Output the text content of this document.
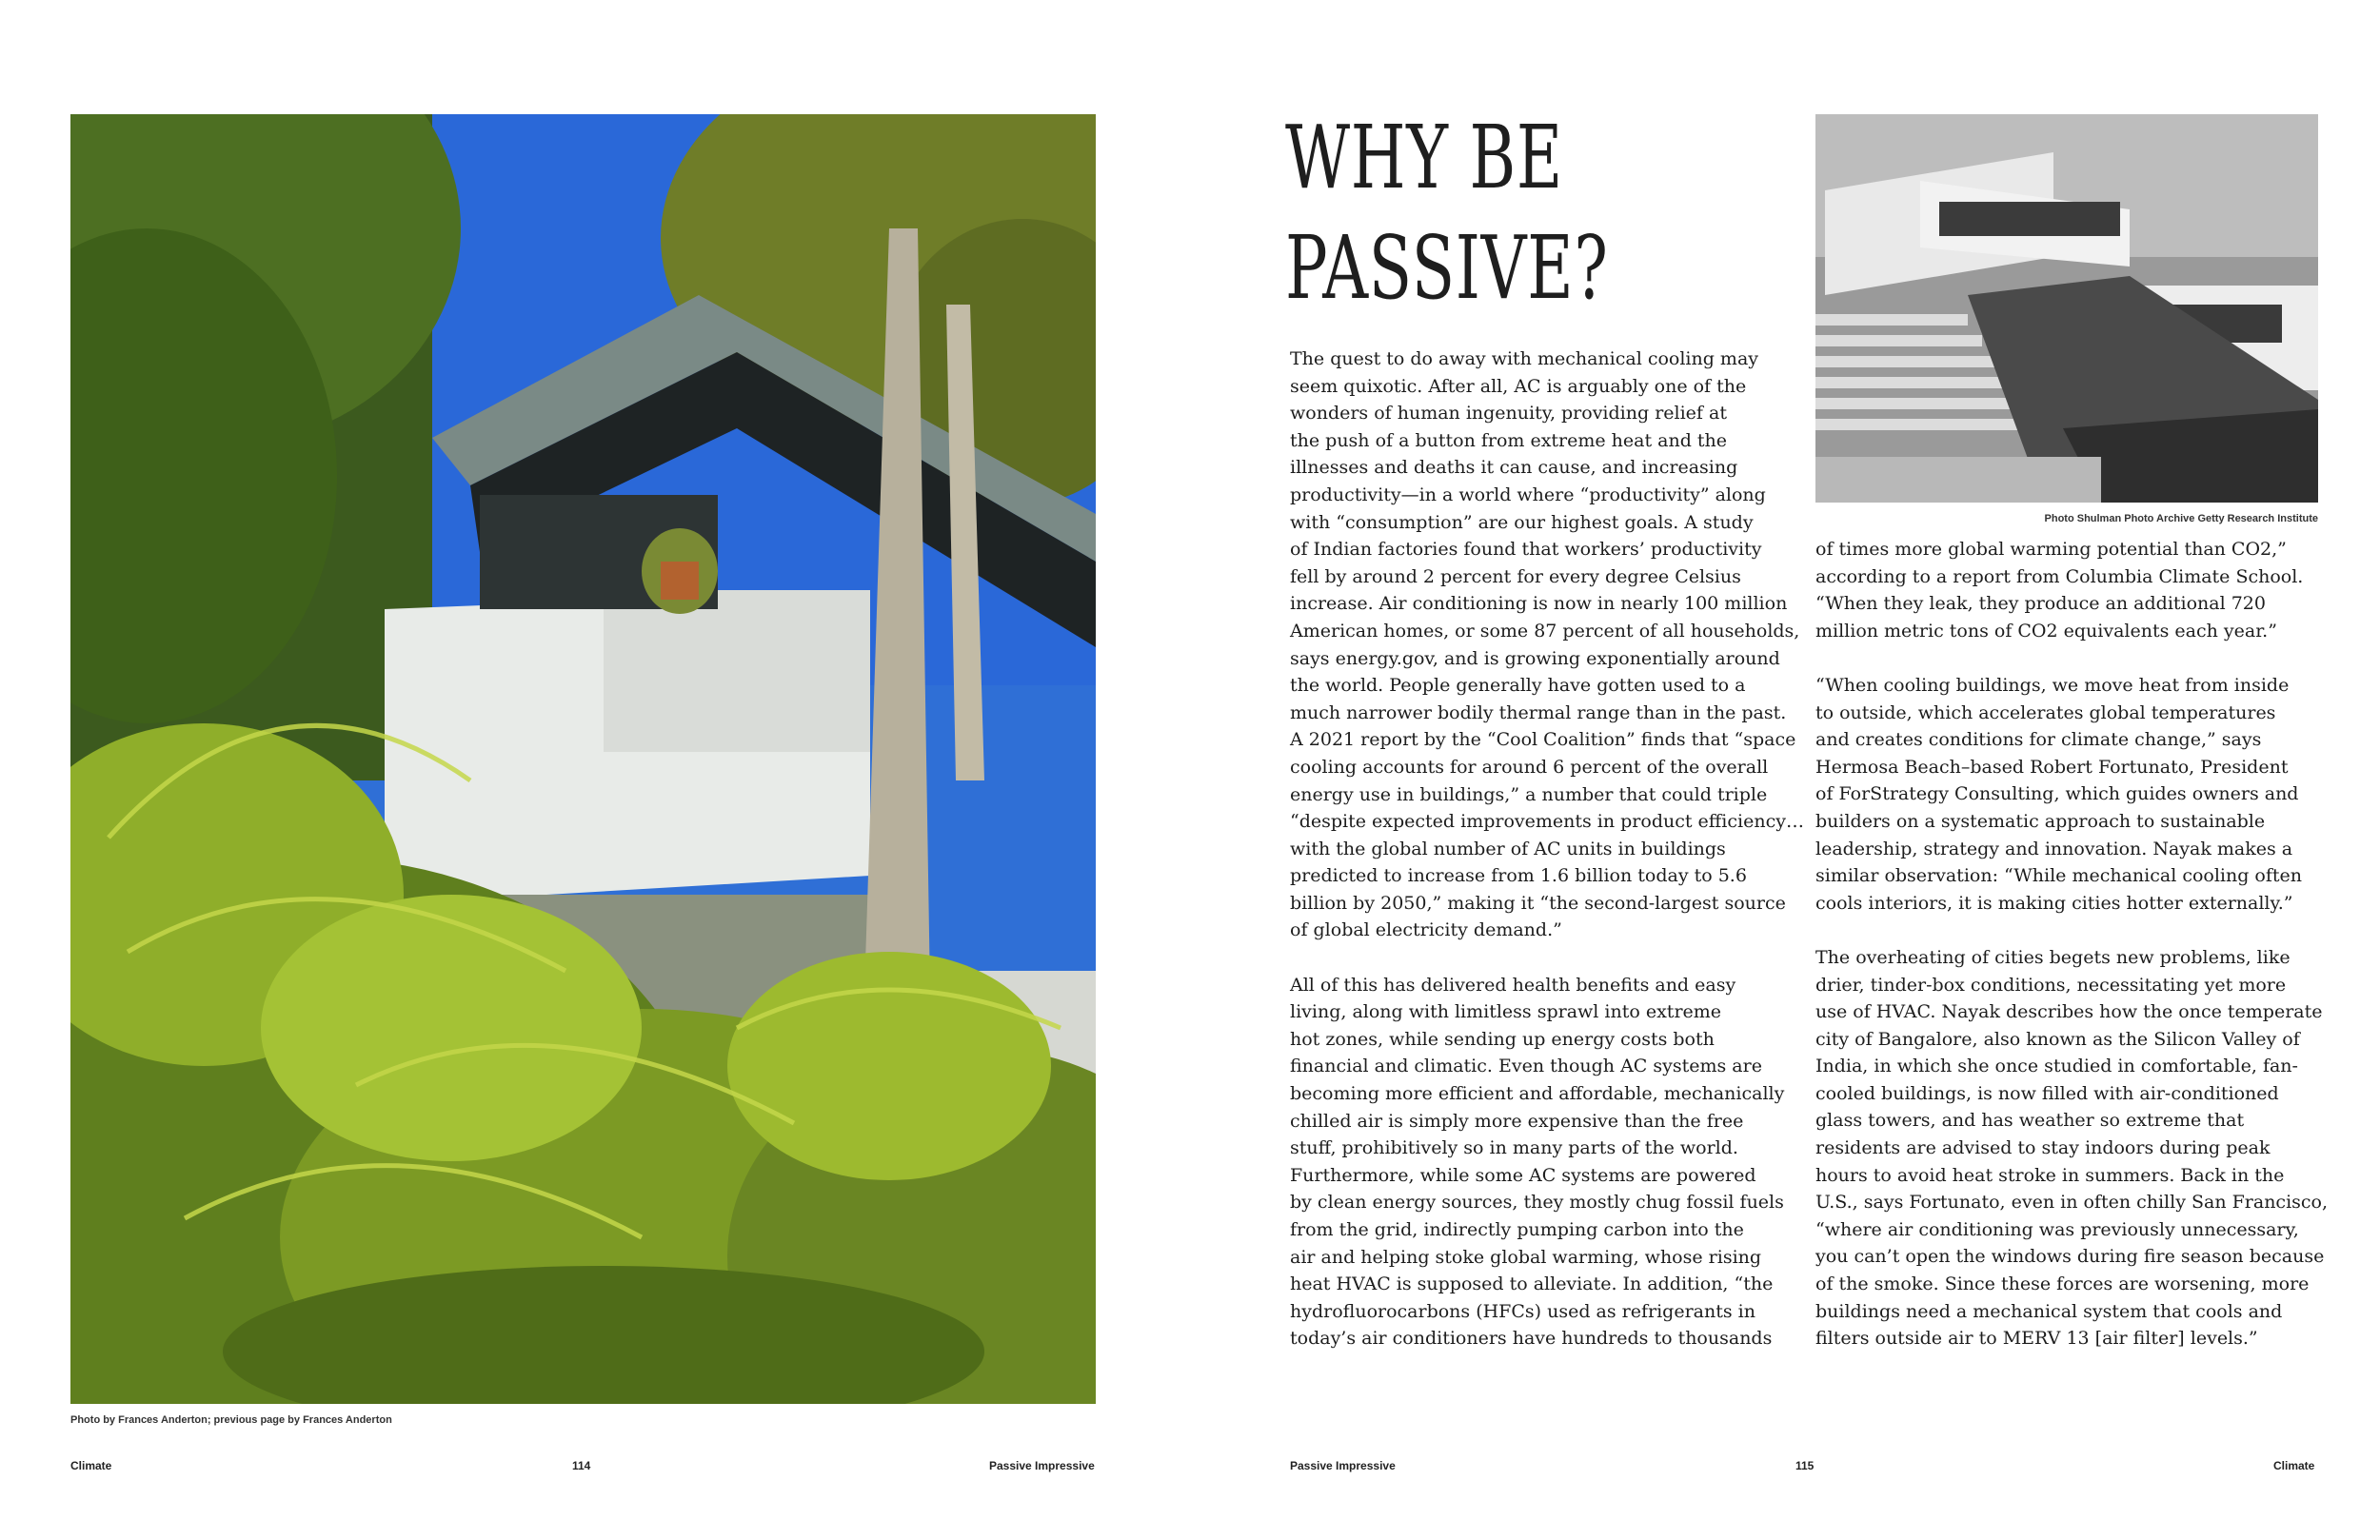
Photo by Frances Anderton; previous page by Frances Anderton
Climate	114	Passive Impressive
WHY BE
PASSIVE?
Photo Shulman Photo Archive Getty Research Institute
The quest to do away with mechanical cooling may
seem quixotic. After all, AC is arguably one of the
wonders of human ingenuity, providing relief at
the push of a button from extreme heat and the
illnesses and deaths it can cause, and increasing
productivity—in a world where “productivity” along
with “consumption” are our highest goals. A study
of Indian factories found that workers’ productivity
fell by around 2 percent for every degree Celsius
increase. Air conditioning is now in nearly 100 million
American homes, or some 87 percent of all households,
says energy.gov, and is growing exponentially around
the world. People generally have gotten used to a
much narrower bodily thermal range than in the past.
A 2021 report by the “Cool Coalition” finds that “space
cooling accounts for around 6 percent of the overall
energy use in buildings,” a number that could triple
“despite expected improvements in product efficiency…
with the global number of AC units in buildings
predicted to increase from 1.6 billion today to 5.6
billion by 2050,” making it “the second-largest source
of global electricity demand.”
All of this has delivered health benefits and easy
living, along with limitless sprawl into extreme
hot zones, while sending up energy costs both
financial and climatic. Even though AC systems are
becoming more efficient and affordable, mechanically
chilled air is simply more expensive than the free
stuff, prohibitively so in many parts of the world.
Furthermore, while some AC systems are powered
by clean energy sources, they mostly chug fossil fuels
from the grid, indirectly pumping carbon into the
air and helping stoke global warming, whose rising
heat HVAC is supposed to alleviate. In addition, “the
hydrofluorocarbons (HFCs) used as refrigerants in
today’s air conditioners have hundreds to thousands
of times more global warming potential than CO2,”
according to a report from Columbia Climate School.
“When they leak, they produce an additional 720
million metric tons of CO2 equivalents each year.”
“When cooling buildings, we move heat from inside
to outside, which accelerates global temperatures
and creates conditions for climate change,” says
Hermosa Beach–based Robert Fortunato, President
of ForStrategy Consulting, which guides owners and
builders on a systematic approach to sustainable
leadership, strategy and innovation. Nayak makes a
similar observation: “While mechanical cooling often
cools interiors, it is making cities hotter externally.”
The overheating of cities begets new problems, like
drier, tinder-box conditions, necessitating yet more
use of HVAC. Nayak describes how the once temperate
city of Bangalore, also known as the Silicon Valley of
India, in which she once studied in comfortable, fan-
cooled buildings, is now filled with air-conditioned
glass towers, and has weather so extreme that
residents are advised to stay indoors during peak
hours to avoid heat stroke in summers. Back in the
U.S., says Fortunato, even in often chilly San Francisco,
“where air conditioning was previously unnecessary,
you can’t open the windows during fire season because
of the smoke. Since these forces are worsening, more
buildings need a mechanical system that cools and
filters outside air to MERV 13 [air filter] levels.”
Passive Impressive	115	Climate
